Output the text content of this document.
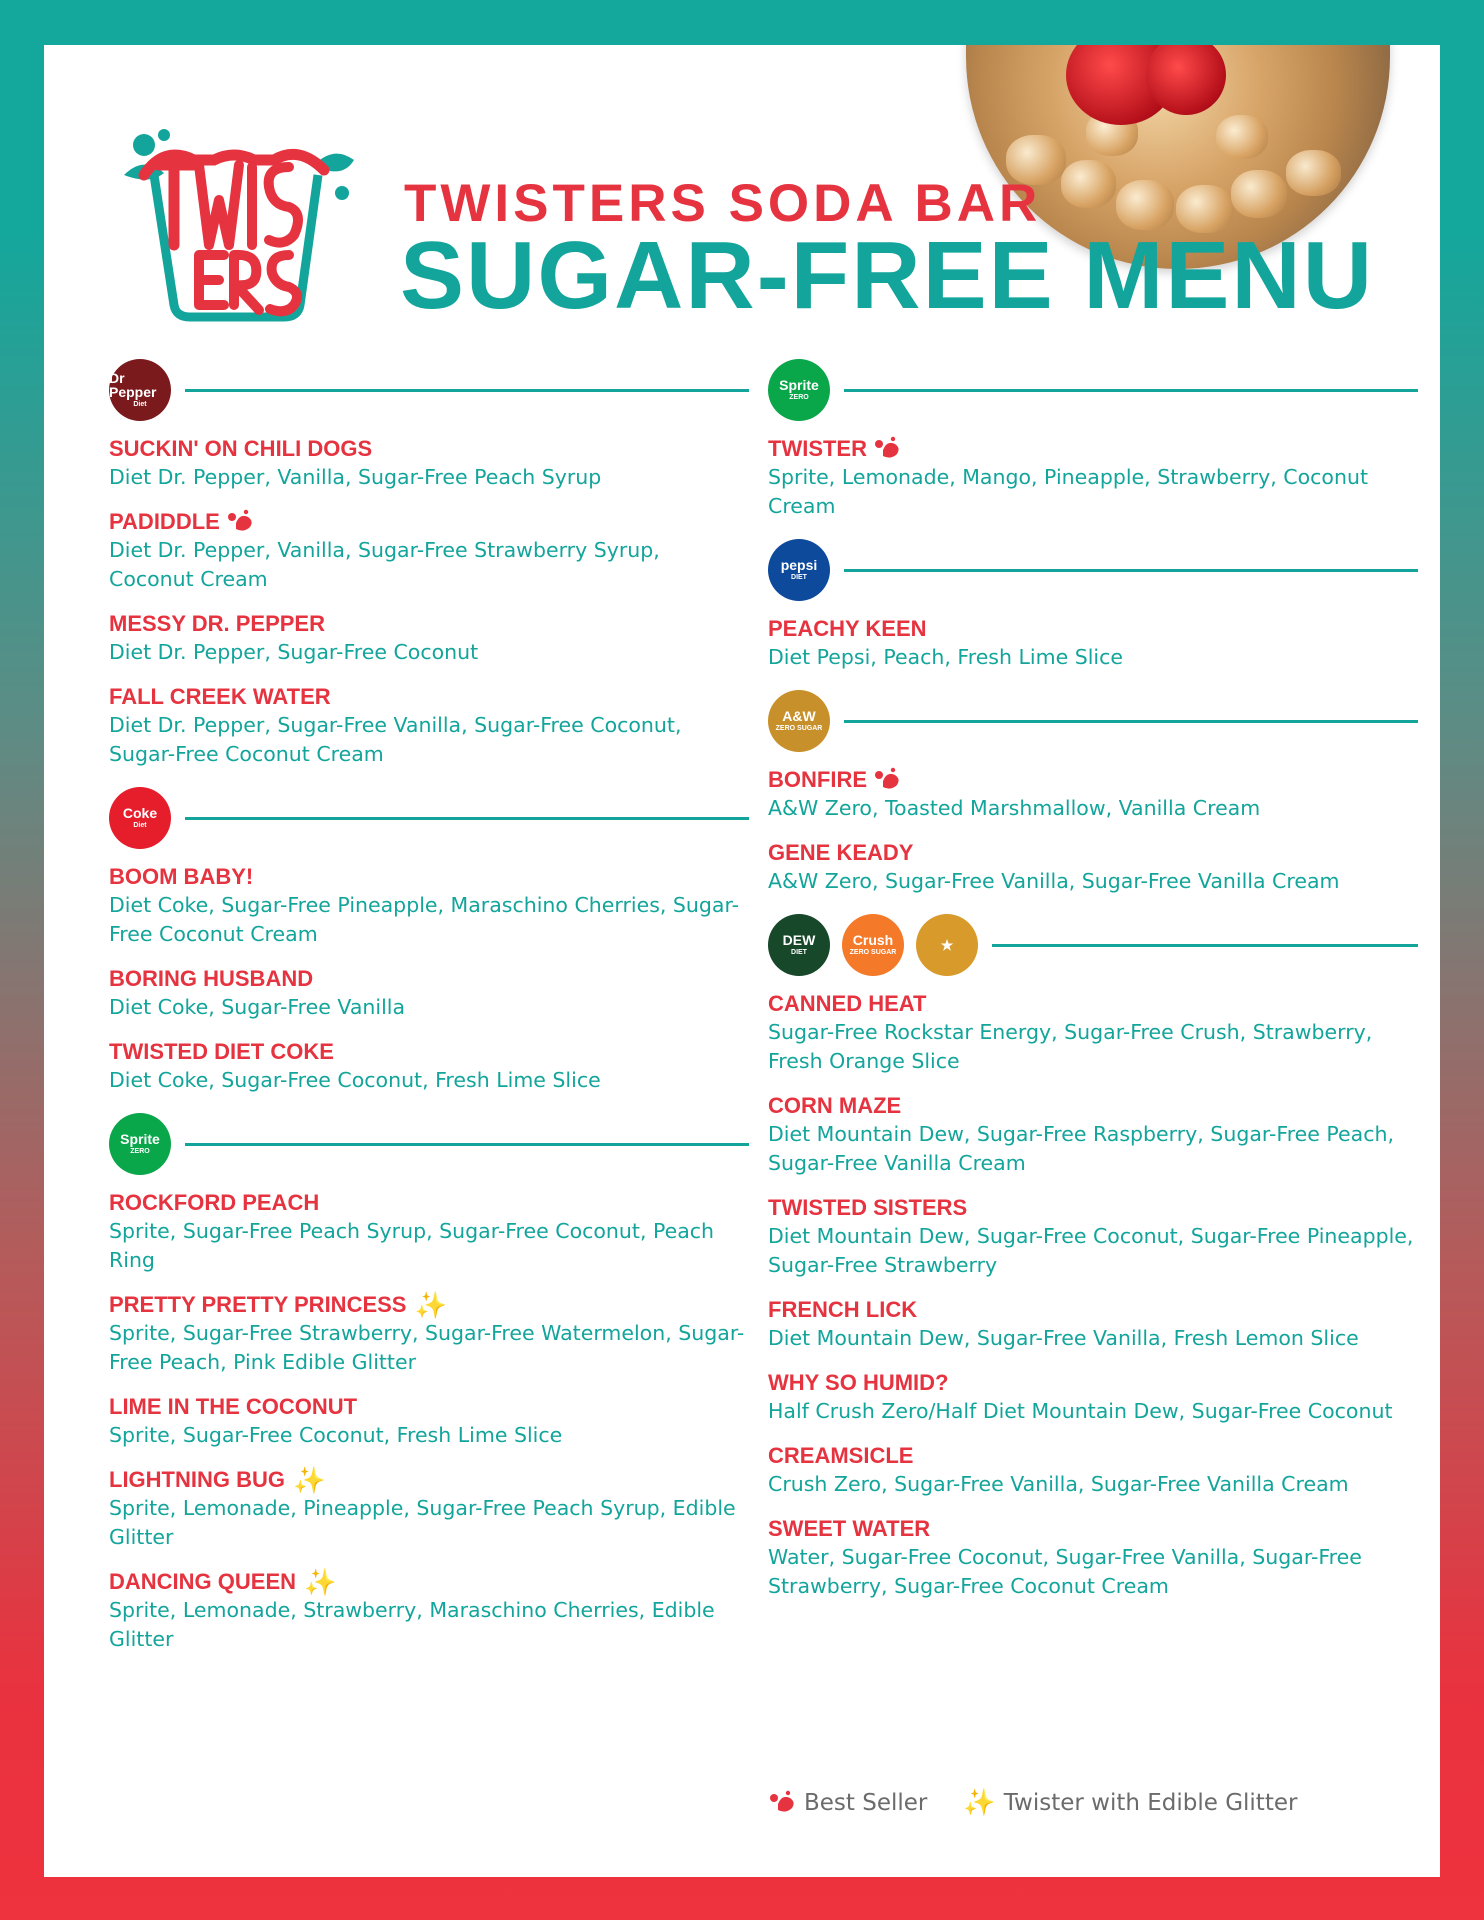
TWISTERS SODA BAR
SUGAR-FREE MENU
Dr Pepper
Diet
SUCKIN' ON CHILI DOGS
Diet Dr. Pepper, Vanilla, Sugar-Free Peach Syrup
PADIDDLE
Diet Dr. Pepper, Vanilla, Sugar-Free Strawberry Syrup, Coconut Cream
MESSY DR. PEPPER
Diet Dr. Pepper, Sugar-Free Coconut
FALL CREEK WATER
Diet Dr. Pepper, Sugar-Free Vanilla, Sugar-Free Coconut, Sugar-Free Coconut Cream
Coke
Diet
BOOM BABY!
Diet Coke, Sugar-Free Pineapple, Maraschino Cherries, Sugar-Free Coconut Cream
BORING HUSBAND
Diet Coke, Sugar-Free Vanilla
TWISTED DIET COKE
Diet Coke, Sugar-Free Coconut, Fresh Lime Slice
Sprite
ZERO
ROCKFORD PEACH
Sprite, Sugar-Free Peach Syrup, Sugar-Free Coconut, Peach Ring
PRETTY PRETTY PRINCESS ✨
Sprite, Sugar-Free Strawberry, Sugar-Free Watermelon, Sugar-Free Peach, Pink Edible Glitter
LIME IN THE COCONUT
Sprite, Sugar-Free Coconut, Fresh Lime Slice
LIGHTNING BUG ✨
Sprite, Lemonade, Pineapple, Sugar-Free Peach Syrup, Edible Glitter
DANCING QUEEN ✨
Sprite, Lemonade, Strawberry, Maraschino Cherries, Edible Glitter
Sprite
ZERO
TWISTER
Sprite, Lemonade, Mango, Pineapple, Strawberry, Coconut Cream
pepsi
DIET
PEACHY KEEN
Diet Pepsi, Peach, Fresh Lime Slice
A&W
ZERO SUGAR
BONFIRE
A&W Zero, Toasted Marshmallow, Vanilla Cream
GENE KEADY
A&W Zero, Sugar-Free Vanilla, Sugar-Free Vanilla Cream
DEW
DIET
Crush
ZERO SUGAR	★
CANNED HEAT
Sugar-Free Rockstar Energy, Sugar-Free Crush, Strawberry, Fresh Orange Slice
CORN MAZE
Diet Mountain Dew, Sugar-Free Raspberry, Sugar-Free Peach, Sugar-Free Vanilla Cream
TWISTED SISTERS
Diet Mountain Dew, Sugar-Free Coconut, Sugar-Free Pineapple, Sugar-Free Strawberry
FRENCH LICK
Diet Mountain Dew, Sugar-Free Vanilla, Fresh Lemon Slice
WHY SO HUMID?
Half Crush Zero/Half Diet Mountain Dew, Sugar-Free Coconut
CREAMSICLE
Crush Zero, Sugar-Free Vanilla, Sugar-Free Vanilla Cream
SWEET WATER
Water, Sugar-Free Coconut, Sugar-Free Vanilla, Sugar-Free Strawberry, Sugar-Free Coconut Cream
Best Seller ✨ Twister with Edible Glitter
